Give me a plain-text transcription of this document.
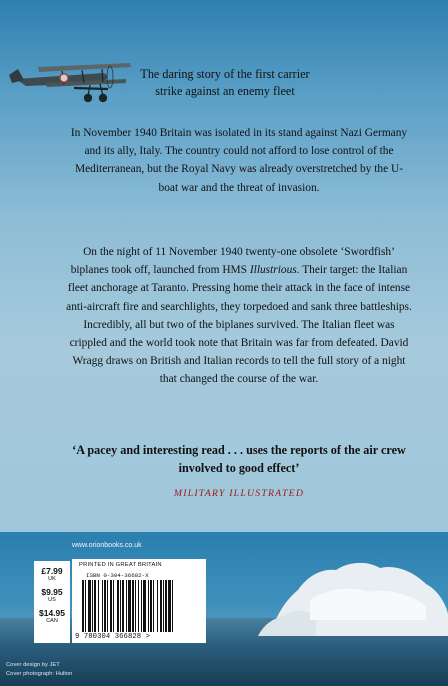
The daring story of the first carrier strike against an enemy fleet
In November 1940 Britain was isolated in its stand against Nazi Germany and its ally, Italy. The country could not afford to lose control of the Mediterranean, but the Royal Navy was already overstretched by the U-boat war and the threat of invasion.
On the night of 11 November 1940 twenty-one obsolete ‘Swordfish’ biplanes took off, launched from HMS Illustrious. Their target: the Italian fleet anchorage at Taranto. Pressing home their attack in the face of intense anti-aircraft fire and searchlights, they torpedoed and sank three battleships. Incredibly, all but two of the biplanes survived. The Italian fleet was crippled and the world took note that Britain was far from defeated. David Wragg draws on British and Italian records to tell the full story of a night that changed the course of the war.
‘A pacey and interesting read . . . uses the reports of the air crew involved to good effect’
MILITARY ILLUSTRATED
www.orionbooks.co.uk
£7.99
UK
$9.95
US
$14.95
CAN
PRINTED IN GREAT BRITAIN
ISBN 0-304-36682-X
9 780304 366828 >
Cover design by JET
Cover photograph: Hulton
